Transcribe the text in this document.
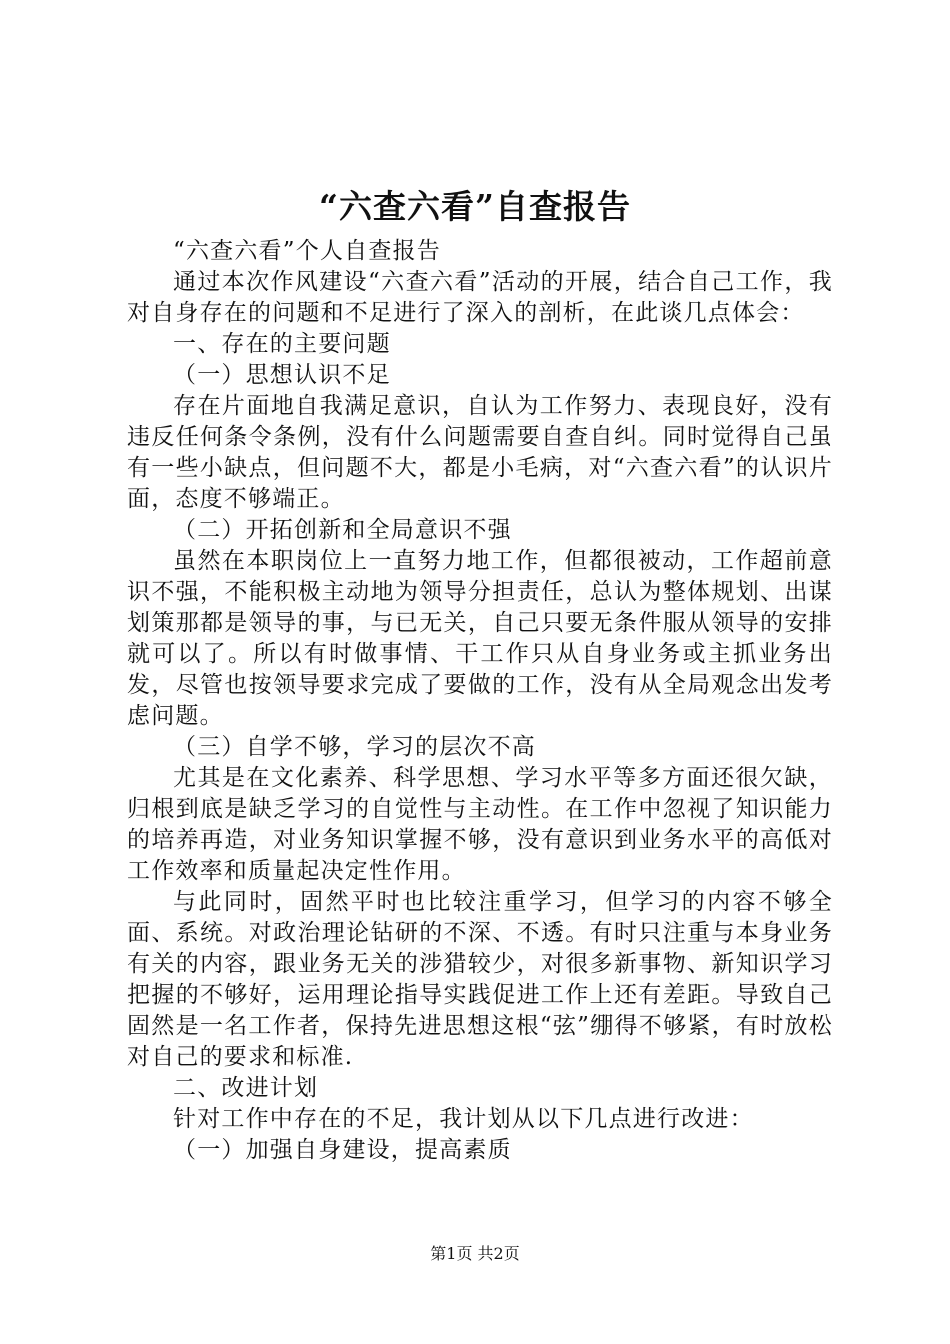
“六查六看”自查报告

“六查六看”个人自查报告

通过本次作风建设“六查六看”活动的开展，结合自己工作，我对自身存在的问题和不足进行了深入的剖析，在此谈几点体会：

一、存在的主要问题

（一）思想认识不足

存在片面地自我满足意识，自认为工作努力、表现良好，没有违反任何条令条例，没有什么问题需要自查自纠。同时觉得自己虽有一些小缺点，但问题不大，都是小毛病，对“六查六看”的认识片面，态度不够端正。

（二）开拓创新和全局意识不强

虽然在本职岗位上一直努力地工作，但都很被动，工作超前意识不强，不能积极主动地为领导分担责任，总认为整体规划、出谋划策那都是领导的事，与已无关，自己只要无条件服从领导的安排就可以了。所以有时做事情、干工作只从自身业务或主抓业务出发，尽管也按领导要求完成了要做的工作，没有从全局观念出发考虑问题。

（三）自学不够，学习的层次不高

尤其是在文化素养、科学思想、学习水平等多方面还很欠缺，归根到底是缺乏学习的自觉性与主动性。在工作中忽视了知识能力的培养再造，对业务知识掌握不够，没有意识到业务水平的高低对工作效率和质量起决定性作用。

与此同时，固然平时也比较注重学习，但学习的内容不够全面、系统。对政治理论钻研的不深、不透。有时只注重与本身业务有关的内容，跟业务无关的涉猎较少，对很多新事物、新知识学习把握的不够好，运用理论指导实践促进工作上还有差距。导致自己固然是一名工作者，保持先进思想这根“弦”绷得不够紧，有时放松对自己的要求和标准.

二、改进计划

针对工作中存在的不足，我计划从以下几点进行改进：

（一）加强自身建设，提高素质

第1页 共2页
